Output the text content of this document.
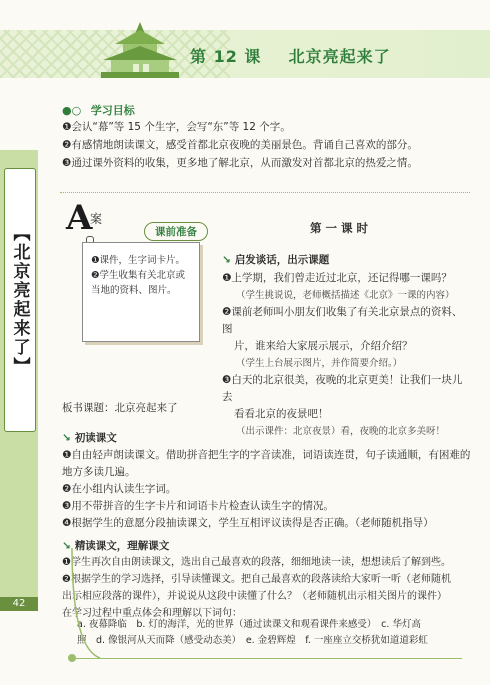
第 12 课 北京亮起来了
●○ 学习目标
❶会认“幕”等 15 个生字，会写“东”等 12 个字。
❷有感情地朗读课文，感受首都北京夜晚的美丽景色。背诵自己喜欢的部分。
❸通过课外资料的收集，更多地了解北京，从而激发对首都北京的热爱之情。
A
案
课前准备
❶课件，生字词卡片。
❷学生收集有关北京或当地的资料、图片。
板书课题：北京亮起来了
第一课时
↘ 启发谈话，出示课题
❶上学期，我们曾走近过北京，还记得哪一课吗？
（学生挑说说，老师概括描述《北京》一课的内容）
❷课前老师叫小朋友们收集了有关北京景点的资料、图
片，谁来给大家展示展示，介绍介绍？
（学生上台展示图片，并作简要介绍。）
❸白天的北京很美，夜晚的北京更美！让我们一块儿去
看看北京的夜景吧！
（出示课件：北京夜景）看，夜晚的北京多美呀！
↘ 初读课文
❶自由轻声朗读课文。借助拼音把生字的字音读准，词语读连贯，句子读通顺，有困难的
地方多读几遍。
❷在小组内认读生字词。
❸用不带拼音的生字卡片和词语卡片检查认读生字的情况。
❹根据学生的意愿分段抽读课文，学生互相评议读得是否正确。（老师随机指导）
↘ 精读课文，理解课文
❶学生再次自由朗读课文，选出自己最喜欢的段落，细细地读一读，想想读后了解到些。
❷根据学生的学习选择，引导读懂课文。把自己最喜欢的段落读给大家听一听（老师随机
出示相应段落的课件），并说说从这段中读懂了什么？（老师随机出示相关图片的课件）
在学习过程中重点体会和理解以下词句：
a. 夜幕降临　b. 灯的海洋，光的世界（通过读课文和观看课件来感受）　c. 华灯高
照　d. 像银河从天而降（感受动态美）　e. 金碧辉煌　f. 一座座立交桥犹如道道彩虹
【北京亮起来了】
42
